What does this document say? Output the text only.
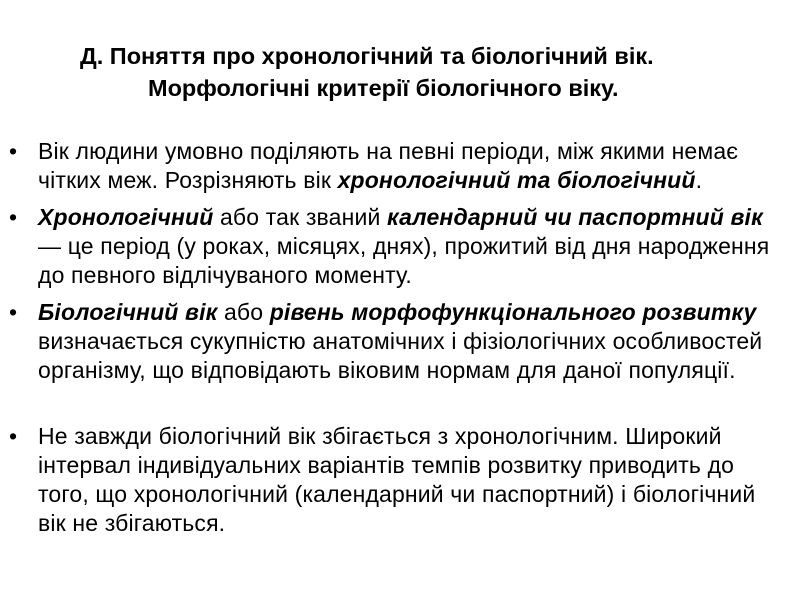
Д. Поняття про хронологічний та біологічний вік.
Морфологічні критерії біологічного віку.
• Вік людини умовно поділяють на певні періоди, між якими немає чітких меж. Розрізняють вік хронологічний та біологічний.
• Хронологічний або так званий календарний чи паспортний вік — це період (у роках, місяцях, днях), прожитий від дня народження до певного відлічуваного моменту.
• Біологічний вік або рівень морфофункціонального розвитку визначається сукупністю анатомічних і фізіологічних особливостей організму, що відповідають віковим нормам для даної популяції.
• Не завжди біологічний вік збігається з хронологічним. Широкий інтервал індивідуальних варіантів темпів розвитку приводить до того, що хронологічний (календарний чи паспортний) і біологічний вік не збігаються.
